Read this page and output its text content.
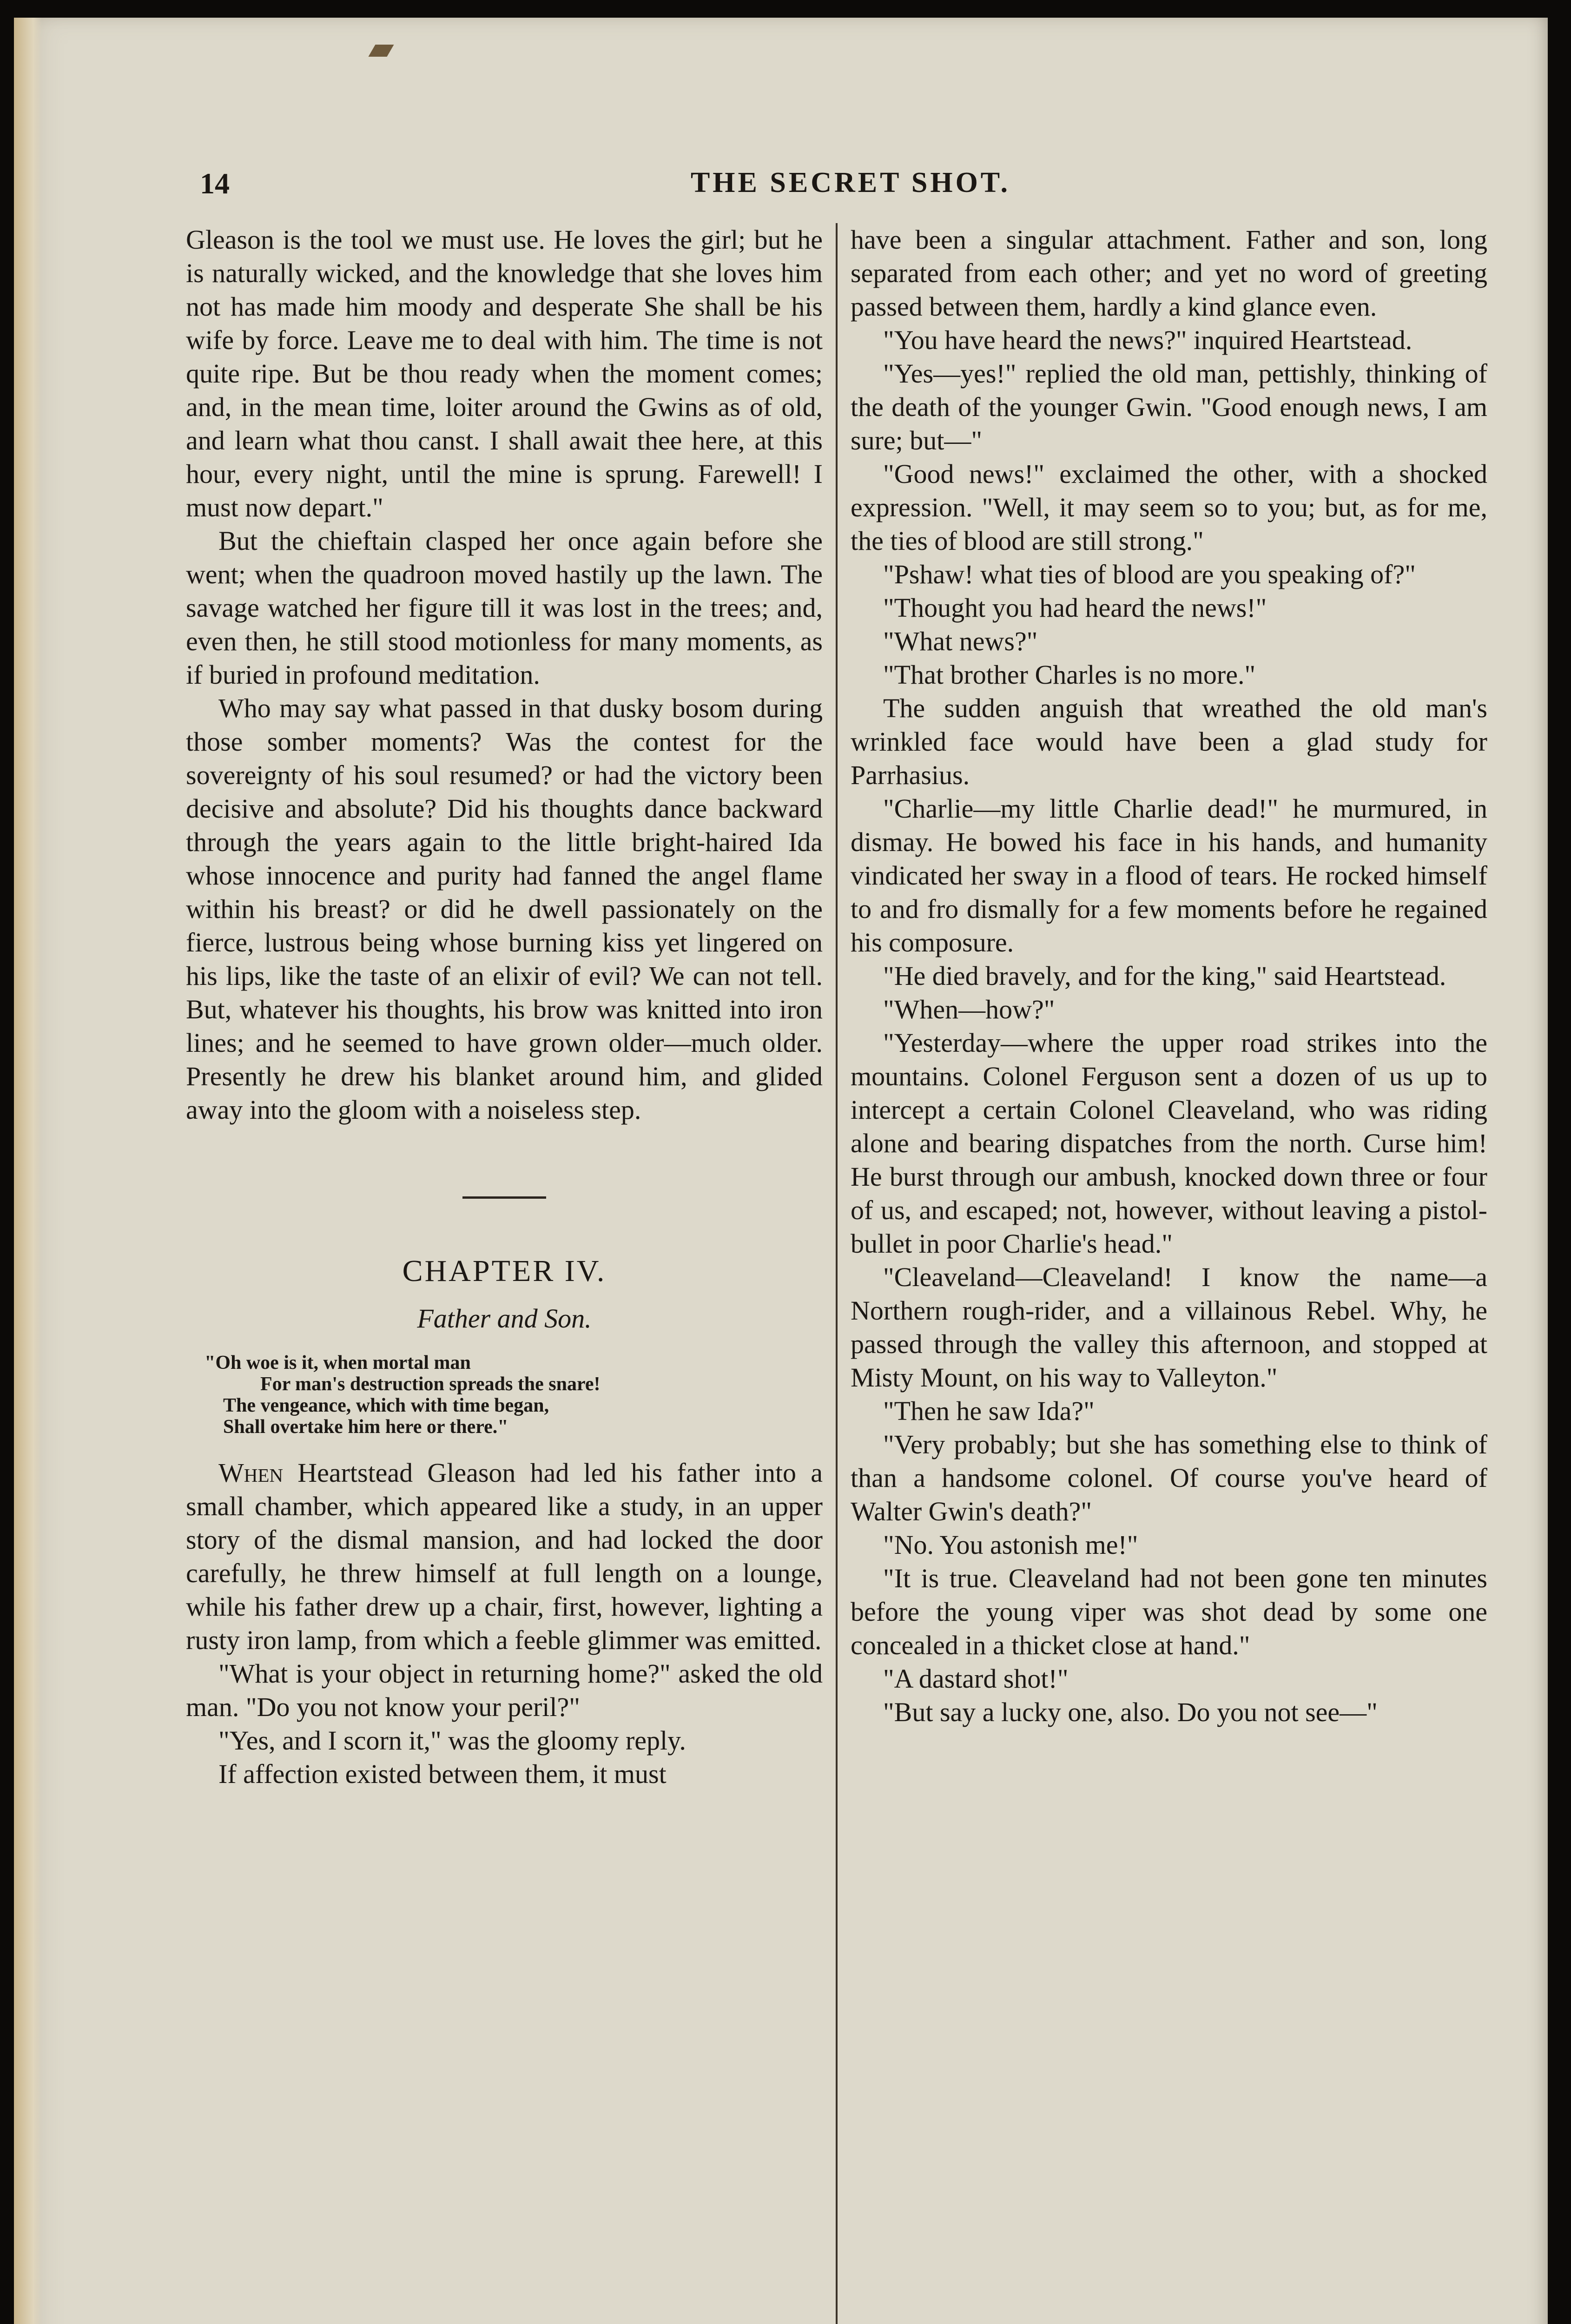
14	THE SECRET SHOT.

Gleason is the tool we must use. He loves the girl; but he is naturally wicked, and the knowledge that she loves him not has made him moody and desperate She shall be his wife by force. Leave me to deal with him. The time is not quite ripe. But be thou ready when the moment comes; and, in the mean time, loiter around the Gwins as of old, and learn what thou canst. I shall await thee here, at this hour, every night, until the mine is sprung. Farewell! I must now depart."

But the chieftain clasped her once again before she went; when the quadroon moved hastily up the lawn. The savage watched her figure till it was lost in the trees; and, even then, he still stood motionless for many moments, as if buried in profound meditation.

Who may say what passed in that dusky bosom during those somber moments? Was the contest for the sovereignty of his soul resumed? or had the victory been decisive and absolute? Did his thoughts dance backward through the years again to the little bright-haired Ida whose innocence and purity had fanned the angel flame within his breast? or did he dwell passionately on the fierce, lustrous being whose burning kiss yet lingered on his lips, like the taste of an elixir of evil? We can not tell. But, whatever his thoughts, his brow was knitted into iron lines; and he seemed to have grown older—much older. Presently he drew his blanket around him, and glided away into the gloom with a noiseless step.

CHAPTER IV.
Father and Son.
"Oh woe is it, when mortal man
For man's destruction spreads the snare!
The vengeance, which with time began,
Shall overtake him here or there."

When Heartstead Gleason had led his father into a small chamber, which appeared like a study, in an upper story of the dismal mansion, and had locked the door carefully, he threw himself at full length on a lounge, while his father drew up a chair, first, however, lighting a rusty iron lamp, from which a feeble glimmer was emitted.

"What is your object in returning home?" asked the old man. "Do you not know your peril?"

"Yes, and I scorn it," was the gloomy reply.

If affection existed between them, it must

have been a singular attachment. Father and son, long separated from each other; and yet no word of greeting passed between them, hardly a kind glance even.

"You have heard the news?" inquired Heartstead.

"Yes—yes!" replied the old man, pettishly, thinking of the death of the younger Gwin. "Good enough news, I am sure; but—"

"Good news!" exclaimed the other, with a shocked expression. "Well, it may seem so to you; but, as for me, the ties of blood are still strong."

"Pshaw! what ties of blood are you speaking of?"

"Thought you had heard the news!"

"What news?"

"That brother Charles is no more."

The sudden anguish that wreathed the old man's wrinkled face would have been a glad study for Parrhasius.

"Charlie—my little Charlie dead!" he murmured, in dismay. He bowed his face in his hands, and humanity vindicated her sway in a flood of tears. He rocked himself to and fro dismally for a few moments before he regained his composure.

"He died bravely, and for the king," said Heartstead.

"When—how?"

"Yesterday—where the upper road strikes into the mountains. Colonel Ferguson sent a dozen of us up to intercept a certain Colonel Cleaveland, who was riding alone and bearing dispatches from the north. Curse him! He burst through our ambush, knocked down three or four of us, and escaped; not, however, without leaving a pistol-bullet in poor Charlie's head."

"Cleaveland—Cleaveland! I know the name—a Northern rough-rider, and a villainous Rebel. Why, he passed through the valley this afternoon, and stopped at Misty Mount, on his way to Valleyton."

"Then he saw Ida?"

"Very probably; but she has something else to think of than a handsome colonel. Of course you've heard of Walter Gwin's death?"

"No. You astonish me!"

"It is true. Cleaveland had not been gone ten minutes before the young viper was shot dead by some one concealed in a thicket close at hand."

"A dastard shot!"

"But say a lucky one, also. Do you not see—"
